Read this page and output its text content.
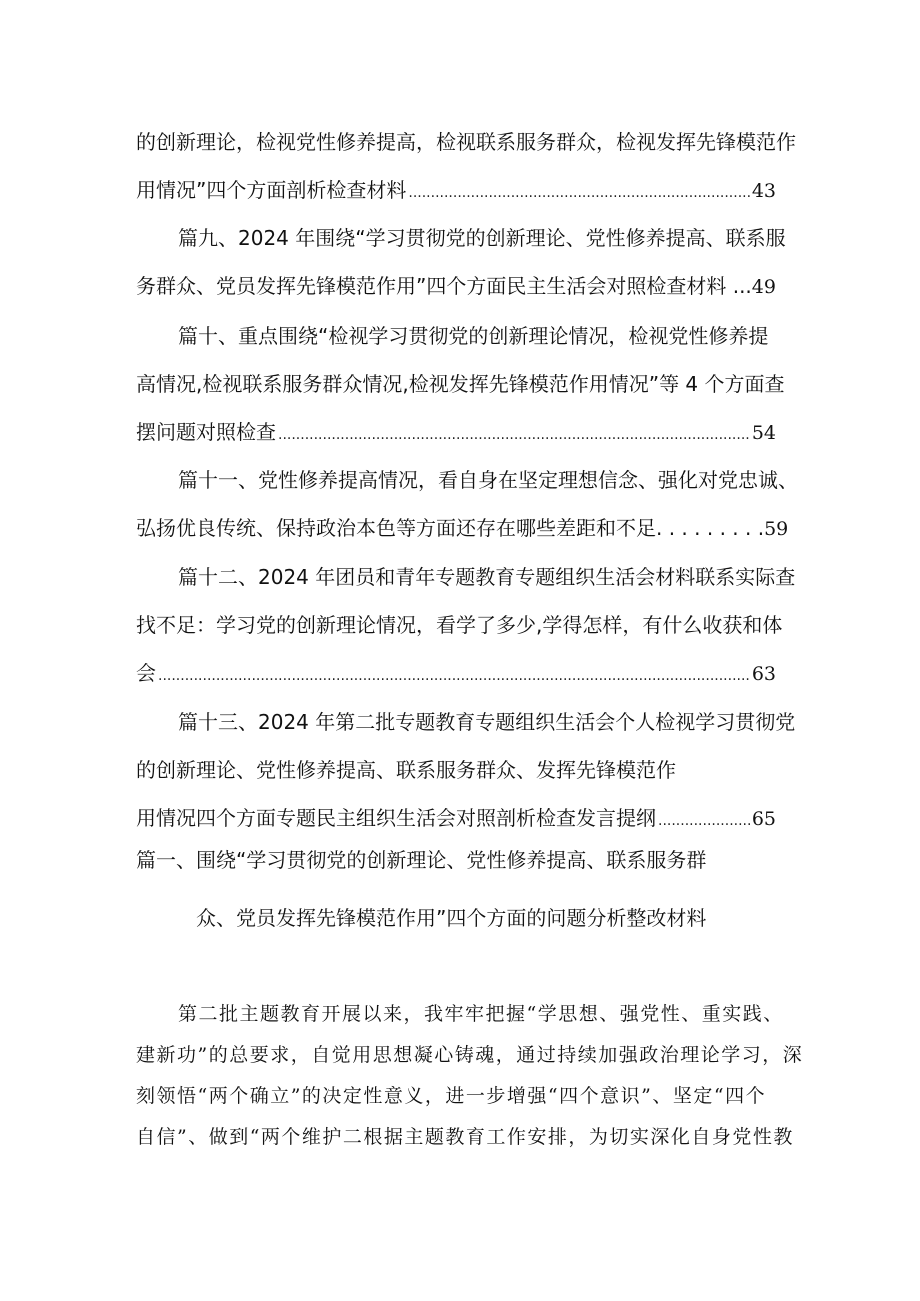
的创新理论，检视党性修养提高，检视联系服务群众，检视发挥先锋模范作
用情况”四个方面剖析检查材料 .....	43
篇九、2024 年围绕“学习贯彻党的创新理论、党性修养提高、联系服
务群众、党员发挥先锋模范作用”四个方面民主生活会对照检查材料 ... 49
篇十、重点围绕“检视学习贯彻党的创新理论情况，检视党性修养提
高情况,检视联系服务群众情况,检视发挥先锋模范作用情况”等 4 个方面查
摆问题对照检查 .....	54
篇十一、党性修养提高情况，看自身在坚定理想信念、强化对党忠诚、
弘扬优良传统、保持政治本色等方面还存在哪些差距和不足. . . . . . . . . 59
篇十二、2024 年团员和青年专题教育专题组织生活会材料联系实际查
找不足：学习党的创新理论情况，看学了多少,学得怎样，有什么收获和体
会 .....	63
篇十三、2024 年第二批专题教育专题组织生活会个人检视学习贯彻党
的创新理论、党性修养提高、联系服务群众、发挥先锋模范作
用情况四个方面专题民主组织生活会对照剖析检查发言提纲 .....	65
篇一、围绕“学习贯彻党的创新理论、党性修养提高、联系服务群
众、党员发挥先锋模范作用”四个方面的问题分析整改材料
第二批主题教育开展以来，我牢牢把握“学思想、强党性、重实践、
建新功”的总要求，自觉用思想凝心铸魂，通过持续加强政治理论学习，深
刻领悟“两个确立”的决定性意义，进一步增强“四个意识”、坚定“四个
自信”、做到“两个维护二根据主题教育工作安排，为切实深化自身党性教
